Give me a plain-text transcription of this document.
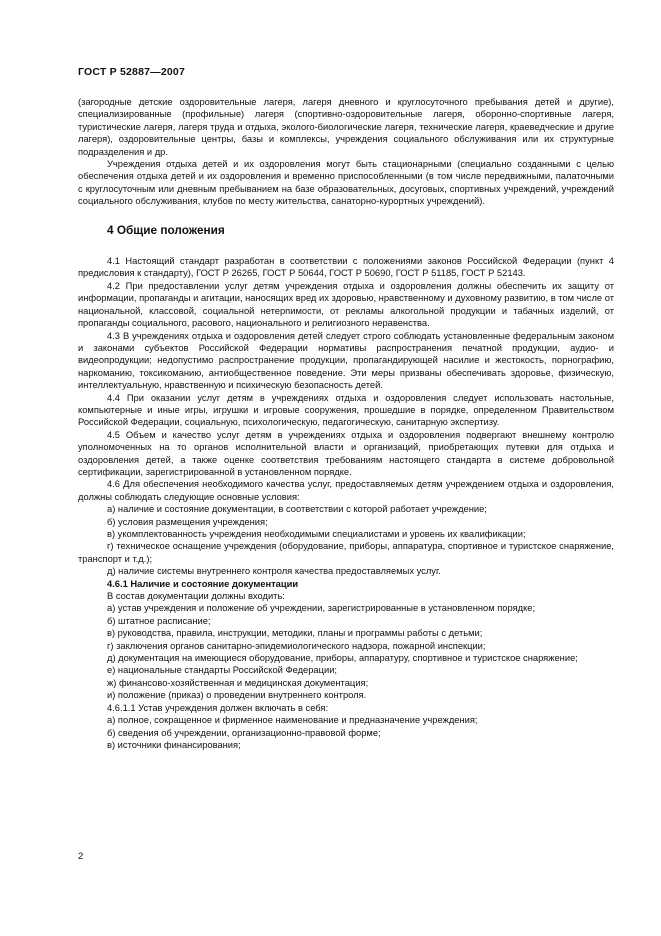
ГОСТ Р 52887—2007

(загородные детские оздоровительные лагеря, лагеря дневного и круглосуточного пребывания детей и другие), специализированные (профильные) лагеря (спортивно-оздоровительные лагеря, оборонно-спортивные лагеря, туристические лагеря, лагеря труда и отдыха, эколого-биологические лагеря, технические лагеря, краеведческие и другие лагеря), оздоровительные центры, базы и комплексы, учреждения социального обслуживания или их структурные подразделения и др.

Учреждения отдыха детей и их оздоровления могут быть стационарными (специально созданными с целью обеспечения отдыха детей и их оздоровления и временно приспособленными (в том числе передвижными, палаточными с круглосуточным или дневным пребыванием на базе образовательных, досуговых, спортивных учреждений, учреждений социального обслуживания, клубов по месту жительства, санаторно-курортных учреждений).

4 Общие положения

4.1 Настоящий стандарт разработан в соответствии с положениями законов Российской Федерации (пункт 4 предисловия к стандарту), ГОСТ Р 26265, ГОСТ Р 50644, ГОСТ Р 50690, ГОСТ Р 51185, ГОСТ Р 52143.

4.2 При предоставлении услуг детям учреждения отдыха и оздоровления должны обеспечить их защиту от информации, пропаганды и агитации, наносящих вред их здоровью, нравственному и духовному развитию, в том числе от национальной, классовой, социальной нетерпимости, от рекламы алкогольной продукции и табачных изделий, от пропаганды социального, расового, национального и религиозного неравенства.

4.3 В учреждениях отдыха и оздоровления детей следует строго соблюдать установленные федеральным законом и законами субъектов Российской Федерации нормативы распространения печатной продукции, аудио- и видеопродукции; недопустимо распространение продукции, пропагандирующей насилие и жестокость, порнографию, наркоманию, токсикоманию, антиобщественное поведение. Эти меры призваны обеспечивать здоровье, физическую, интеллектуальную, нравственную и психическую безопасность детей.

4.4 При оказании услуг детям в учреждениях отдыха и оздоровления следует использовать настольные, компьютерные и иные игры, игрушки и игровые сооружения, прошедшие в порядке, определенном Правительством Российской Федерации, социальную, психологическую, педагогическую, санитарную экспертизу.

4.5 Объем и качество услуг детям в учреждениях отдыха и оздоровления подвергают внешнему контролю уполномоченных на то органов исполнительной власти и организаций, приобретающих путевки для отдыха и оздоровления детей, а также оценке соответствия требованиям настоящего стандарта в системе добровольной сертификации, зарегистрированной в установленном порядке.

4.6 Для обеспечения необходимого качества услуг, предоставляемых детям учреждением отдыха и оздоровления, должны соблюдать следующие основные условия:

а) наличие и состояние документации, в соответствии с которой работает учреждение;

б) условия размещения учреждения;

в) укомплектованность учреждения необходимыми специалистами и уровень их квалификации;

г) техническое оснащение учреждения (оборудование, приборы, аппаратура, спортивное и туристское снаряжение, транспорт и т.д.);

д) наличие системы внутреннего контроля качества предоставляемых услуг.

4.6.1 Наличие и состояние документации

В состав документации должны входить:

а) устав учреждения и положение об учреждении, зарегистрированные в установленном порядке;

б) штатное расписание;

в) руководства, правила, инструкции, методики, планы и программы работы с детьми;

г) заключения органов санитарно-эпидемиологического надзора, пожарной инспекции;

д) документация на имеющиеся оборудование, приборы, аппаратуру, спортивное и туристское снаряжение;

е) национальные стандарты Российской Федерации;

ж) финансово-хозяйственная и медицинская документация;

и) положение (приказ) о проведении внутреннего контроля.

4.6.1.1 Устав учреждения должен включать в себя:

а) полное, сокращенное и фирменное наименование и предназначение учреждения;

б) сведения об учреждении, организационно-правовой форме;

в) источники финансирования;

2
